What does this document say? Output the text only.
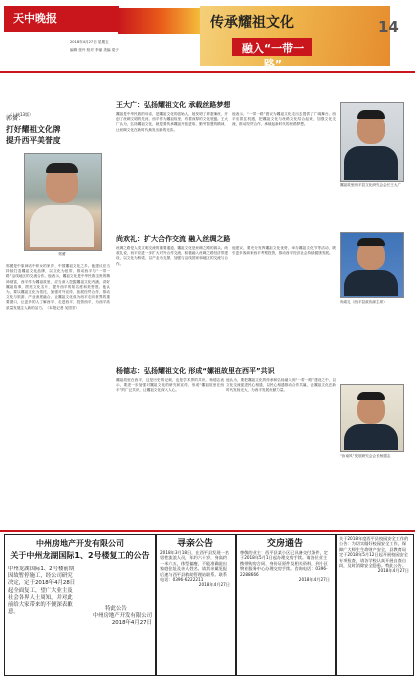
天中晚报
2018年4月27日 星期五
编辑 张丹 校对 李丽 美编 梁子
传承耀祖文化
融入“一带一路”
14
（上接13版）
郭赟：
打好耀祖文化牌
提升西平美誉度
郭赟
郭赟是中原神话中织女的家乡，中国嫘祖文化之乡。他建议应当持续打造嫘祖文化品牌，以文化为纽带，推动西平与“一带一路”沿线地区的交流合作。他表示，嫘祖文化是中华民族宝贵的精神财富，西平作为嫘祖故里，应当深入挖掘嫘祖文化内涵，讲好嫘祖故事，擦亮文化名片，提升西平的知名度和美誉度。他认为，要以嫘祖文化为依托，加强对外宣传，拓展经贸合作，推动文化与旅游、产业深度融合，让嫘祖文化成为西平走向世界的重要窗口，让更多的人了解西平、走进西平、投资西平，为西平高质量发展注入新的活力。（本报记者 吴国芳）
王大广：弘扬耀祖文化 承载丝路梦想
嫘祖是中华民族的母亲，是嫘祖文化的创始人，她发明了养蚕缫丝，开创了丝绸文明的先河。西平作为嫘祖故里，有着深厚的文化底蕴。王大广认为，弘扬嫘祖文化，就是要传承嫘祖开拓进取、勤劳智慧的精神，让丝绸文化在新时代焕发出新的光彩。
他表示，“一带一路”倡议为嫘祖文化走出去提供了广阔舞台。西平应抓住机遇，把嫘祖文化与丝路文化结合起来，加强文化交流，推动经贸合作，承载起新时代的丝路梦想。
嫘祖故里西平县文化研究会会长王大广
尚欢礼：扩大合作交流 融入丝绸之路
丝绸之路是人类文明交流的重要通道，嫘祖文化是丝绸之路的源头。尚欢礼说，西平应进一步扩大对外合作交流，积极融入丝绸之路经济带建设，以文化为桥梁，以产业为支撑，加强与沿线国家和地区的交流与合作。
他建议，要充分发挥嫘祖文化优势，举办嫘祖文化节等活动，吸引更多客商来西平考察投资，推动西平经济社会持续健康发展。
尚欢礼（西平县政协副主席）
杨德志：弘扬耀祖文化 形成“嫘祖故里在西平”共识
嫘祖故里在西平，这是历史的记载，也是学术界的共识。杨德志表示，要进一步加强对嫘祖文化的研究和宣传，形成“嫘祖故里在西平”的广泛共识，让嫘祖文化深入人心。
他认为，要把嫘祖文化的传承和弘扬融入到“一带一路”建设之中，以文化交流促进民心相通，以民心相通推动合作共赢，让嫘祖文化在新时代发扬光大，为西平发展贡献力量。
“汝南风”发展研究会会长杨德志
中州房地产开发有限公司
关于中州龙湖国际1、2号楼复工的公告
中州龙湖国际1、2号楼前期因故暂停施工，经公司研究决定，定于2018年4月28日起全面复工，望广大业主及社会各界人士周知，并对此前给大家带来的不便深表歉意。
特此公告
中州房地产开发有限公司 2018年4月27日
寻亲公告
2018年3月18日，在西平县发现一名男性流浪人员，年约六十岁，身高约一米六五，体型偏瘦，不能准确说出家庭住址及亲人姓名。请其亲属见报后速与西平县救助管理站联系。联系电话：0396-6222211
2018年4月27日
交房通告
尊敬的业主：西平县某小区已具备交付条件，定于2018年5月1日起办理交房手续。请各位业主携带购房合同、身份证原件及相关资料，到小区物业服务中心办理交房手续。咨询电话：0396-2288666
2018年4月27日
关于2018年度西平县校园安全工作的公告：为切实做好校园安全工作，保障广大师生生命财产安全，县教育局定于2018年5月12日起开展校园安全专项检查，请各学校认真开展自查自纠，及时消除安全隐患。特此公告。
2018年4月27日
